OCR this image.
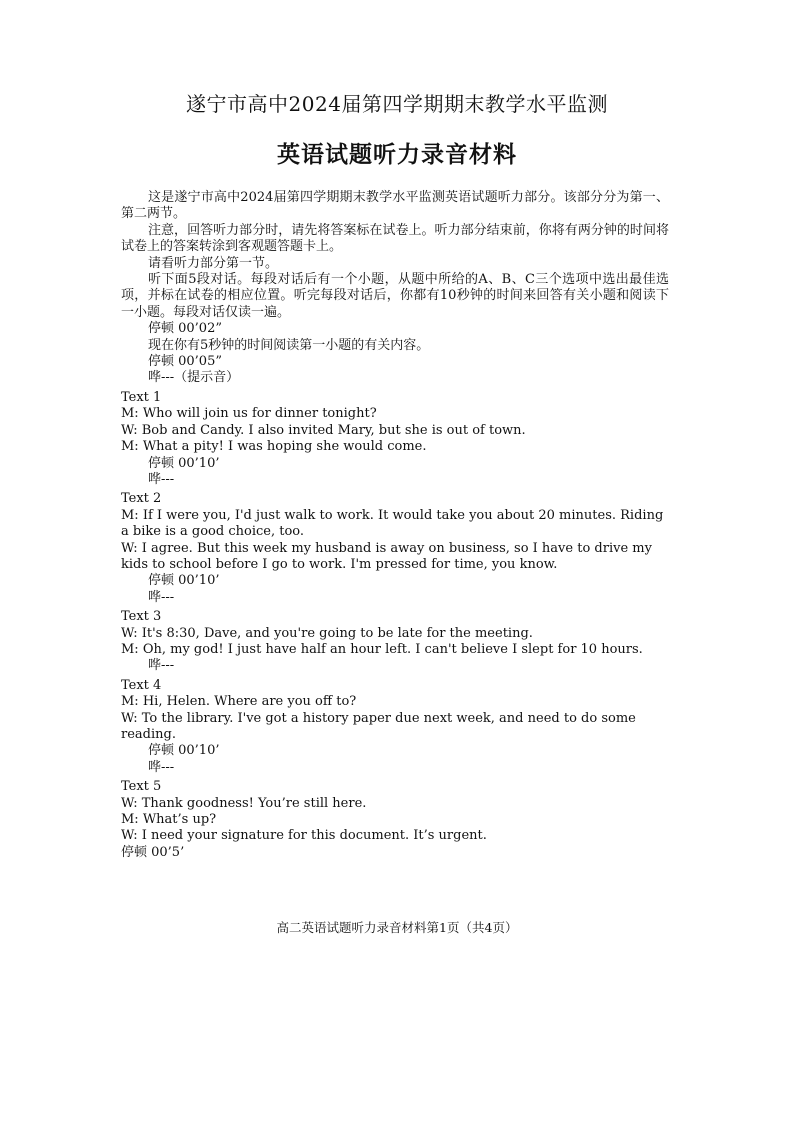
遂宁市高中2024届第四学期期末教学水平监测
英语试题听力录音材料

这是遂宁市高中2024届第四学期期末教学水平监测英语试题听力部分。该部分分为第一、第二两节。

注意，回答听力部分时，请先将答案标在试卷上。听力部分结束前，你将有两分钟的时间将试卷上的答案转涂到客观题答题卡上。

请看听力部分第一节。

听下面5段对话。每段对话后有一个小题，从题中所给的A、B、C三个选项中选出最佳选项，并标在试卷的相应位置。听完每段对话后，你都有10秒钟的时间来回答有关小题和阅读下一小题。每段对话仅读一遍。

停顿 00’02”

现在你有5秒钟的时间阅读第一小题的有关内容。

停顿 00’05”

哗---（提示音）

Text 1

M: Who will join us for dinner tonight?

W: Bob and Candy. I also invited Mary, but she is out of town.

M: What a pity! I was hoping she would come.

停顿 00’10’

哗---

Text 2

M: If I were you, I'd just walk to work. It would take you about 20 minutes. Riding a bike is a good choice, too.

W: I agree. But this week my husband is away on business, so I have to drive my kids to school before I go to work. I'm pressed for time, you know.

停顿 00’10’

哗---

Text 3

W: It's 8:30, Dave, and you're going to be late for the meeting.

M: Oh, my god! I just have half an hour left. I can't believe I slept for 10 hours.

哗---

Text 4

M: Hi, Helen. Where are you off to?

W: To the library. I've got a history paper due next week, and need to do some reading.

停顿 00’10’

哗---

Text 5

W: Thank goodness! You’re still here.

M: What’s up?

W: I need your signature for this document. It’s urgent.

停顿 00’5’

高二英语试题听力录音材料第1页（共4页）
